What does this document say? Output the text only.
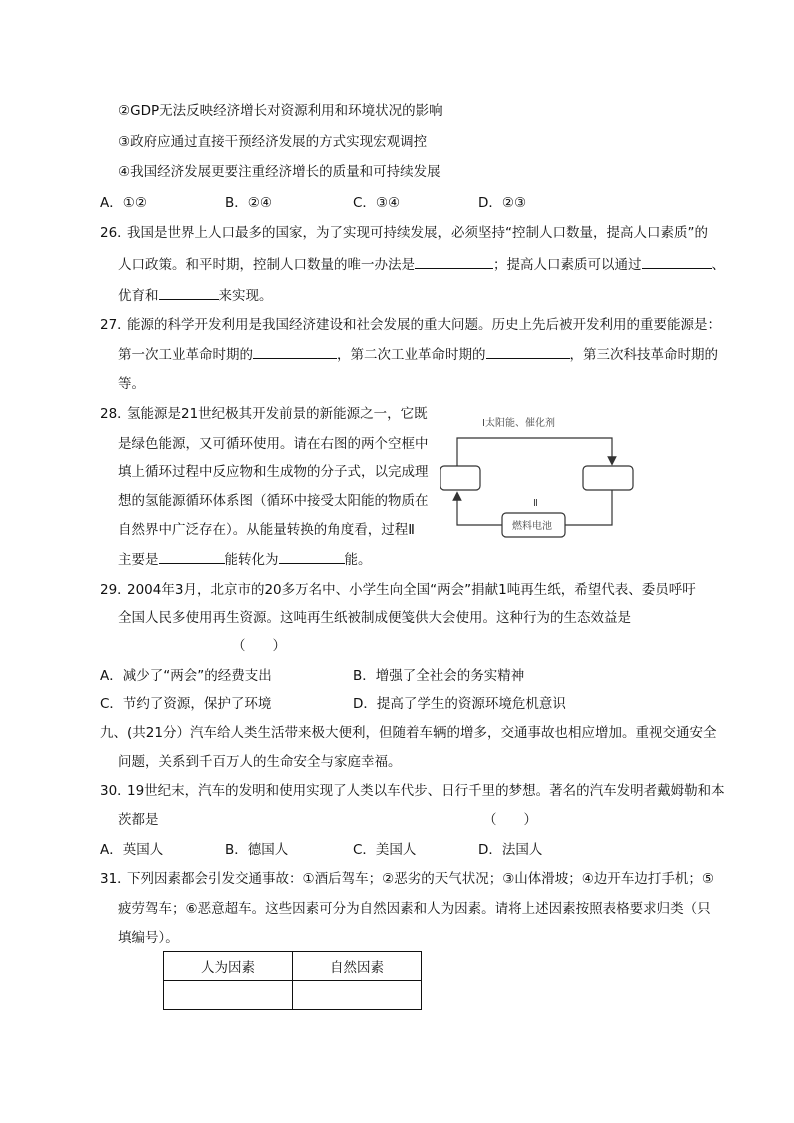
②GDP无法反映经济增长对资源利用和环境状况的影响
③政府应通过直接干预经济发展的方式实现宏观调控
④我国经济发展更要注重经济增长的质量和可持续发展
A．①②	B．②④	C．③④	D．②③
26．
我国是世界上人口最多的国家，为了实现可持续发展，必须坚持“控制人口数量，提高人口素质”的
人口政策。和平时期，控制人口数量的唯一办法是	；提高人口素质可以通过	、
优育和	来实现。
27．
能源的科学开发利用是我国经济建设和社会发展的重大问题。历史上先后被开发利用的重要能源是：
第一次工业革命时期的	，第二次工业革命时期的	，第三次科技革命时期的
等。
28．
氢能源是21世纪极其开发前景的新能源之一，它既
是绿色能源，又可循环使用。请在右图的两个空框中
填上循环过程中反应物和生成物的分子式，以完成理
想的氢能源循环体系图（循环中接受太阳能的物质在
自然界中广泛存在）。从能量转换的角度看，过程Ⅱ
主要是	能转化为	能。
Ⅰ太阳能、催化剂
Ⅱ
燃料电池
29．
2004年3月，北京市的20多万名中、小学生向全国“两会”捐献1吨再生纸，希望代表、委员呼吁
全国人民多使用再生资源。这吨再生纸被制成便笺供大会使用。这种行为的生态效益是
（　　）
A．减少了“两会”的经费支出	B．增强了全社会的务实精神
C．节约了资源，保护了环境	D．提高了学生的资源环境危机意识
九、(共21分）汽车给人类生活带来极大便利，但随着车辆的增多，交通事故也相应增加。重视交通安全
问题，关系到千百万人的生命安全与家庭幸福。
30．
19世纪末，汽车的发明和使用实现了人类以车代步、日行千里的梦想。著名的汽车发明者戴姆勒和本
茨都是	（　　）
A．英国人	B．德国人	C．美国人	D．法国人
31．
下列因素都会引发交通事故：①酒后驾车；②恶劣的天气状况；③山体滑坡；④边开车边打手机；⑤
疲劳驾车；⑥恶意超车。这些因素可分为自然因素和人为因素。请将上述因素按照表格要求归类（只
填编号）。
人为因素	自然因素
